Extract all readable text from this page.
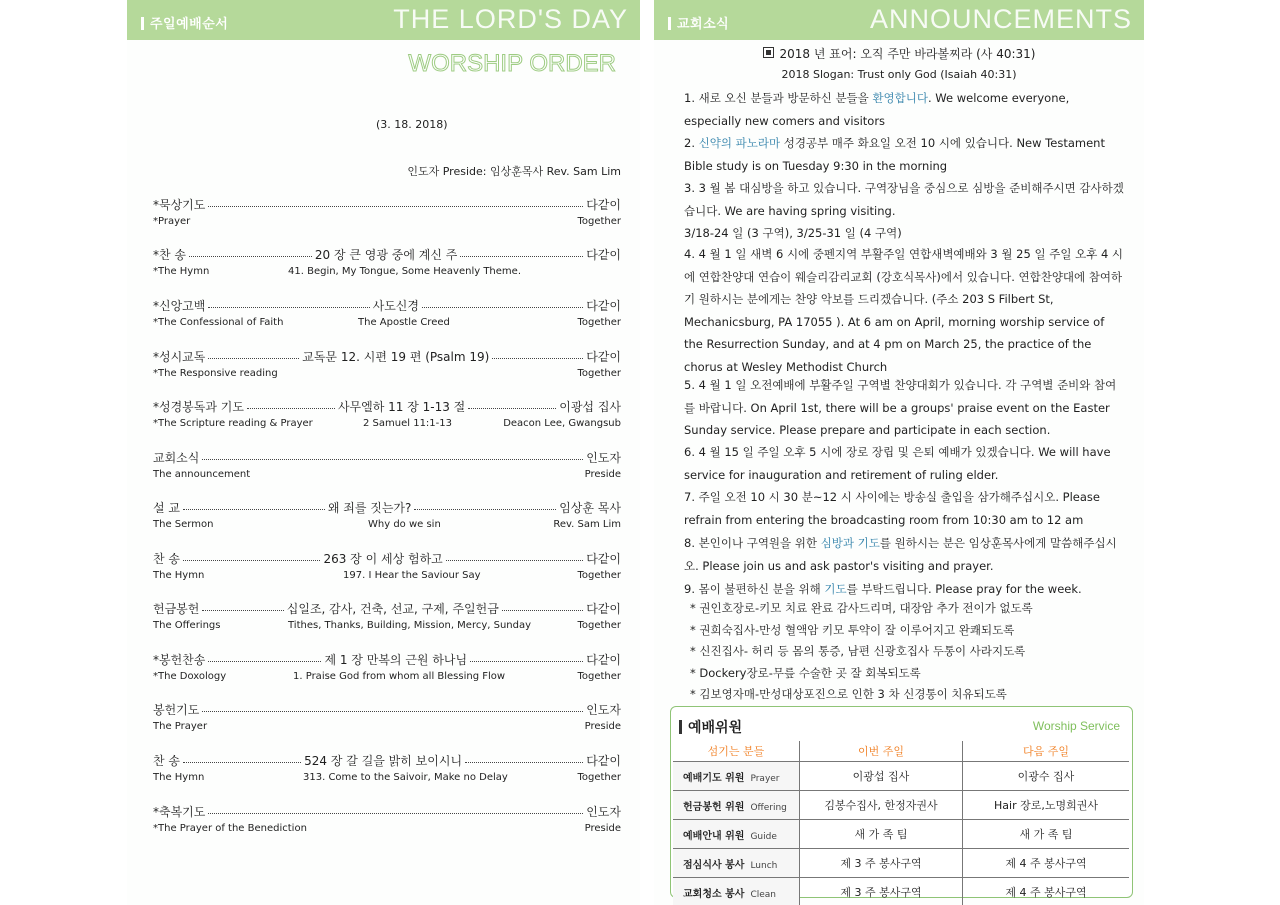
주일예배순서	THE LORD'S DAY
WORSHIP ORDER
(3. 18. 2018)
인도자 Preside: 임상훈목사 Rev. Sam Lim
*묵상기도	다같이
*Prayer	Together
*찬 송	20 장 큰 영광 중에 계신 주	다같이
*The Hymn	41. Begin, My Tongue, Some Heavenly Theme.
*신앙고백	사도신경	다같이
*The Confessional of Faith	The Apostle Creed	Together
*성시교독	교독문 12. 시편 19 편 (Psalm 19)	다같이
*The Responsive reading	Together
*성경봉독과 기도	사무엘하 11 장 1-13 절	이광섭 집사
*The Scripture reading & Prayer	2 Samuel 11:1-13	Deacon Lee, Gwangsub
교회소식	인도자
The announcement	Preside
설 교	왜 죄를 짓는가?	임상훈 목사
The Sermon	Why do we sin	Rev. Sam Lim
찬 송	263 장 이 세상 험하고	다같이
The Hymn	197. I Hear the Saviour Say	Together
헌금봉헌	십일조, 감사, 건축, 선교, 구제, 주일헌금	다같이
The Offerings	Tithes, Thanks, Building, Mission, Mercy, Sunday	Together
*봉헌찬송	제 1 장 만복의 근원 하나님	다같이
*The Doxology	1. Praise God from whom all Blessing Flow	Together
봉헌기도	인도자
The Prayer	Preside
찬 송	524 장 갈 길을 밝히 보이시니	다같이
The Hymn	313. Come to the Saivoir, Make no Delay	Together
*축복기도	인도자
*The Prayer of the Benediction	Preside
교회소식	ANNOUNCEMENTS
2018 년 표어: 오직 주만 바라볼찌라 (사 40:31)
2018 Slogan: Trust only God (Isaiah 40:31)
1. 새로 오신 분들과 방문하신 분들을 환영합니다. We welcome everyone, especially new comers and visitors
2. 신약의 파노라마 성경공부 매주 화요일 오전 10 시에 있습니다. New Testament Bible study is on Tuesday 9:30 in the morning
3. 3 월 봄 대심방을 하고 있습니다. 구역장님을 중심으로 심방을 준비해주시면 감사하겠습니다. We are having spring visiting.
3/18-24 일 (3 구역), 3/25-31 일 (4 구역)
4. 4 월 1 일 새벽 6 시에 중펜지역 부활주일 연합새벽예배와 3 월 25 일 주일 오후 4 시에 연합찬양대 연습이 웨슬리감리교회 (강호식목사)에서 있습니다. 연합찬양대에 참여하기 원하시는 분에게는 찬양 악보를 드리겠습니다. (주소 203 S Filbert St, Mechanicsburg, PA 17055 ). At 6 am on April, morning worship service of the Resurrection Sunday, and at 4 pm on March 25, the practice of the chorus at Wesley Methodist Church
5. 4 월 1 일 오전예배에 부활주일 구역별 찬양대회가 있습니다. 각 구역별 준비와 참여를 바랍니다. On April 1st, there will be a groups' praise event on the Easter Sunday service. Please prepare and participate in each section.
6. 4 월 15 일 주일 오후 5 시에 장로 장립 및 은퇴 예배가 있겠습니다. We will have service for inauguration and retirement of ruling elder.
7. 주일 오전 10 시 30 분~12 시 사이에는 방송실 출입을 삼가해주십시오. Please refrain from entering the broadcasting room from 10:30 am to 12 am
8. 본인이나 구역원을 위한 심방과 기도를 원하시는 분은 임상훈목사에게 말씀해주십시오. Please join us and ask pastor's visiting and prayer.
9. 몸이 불편하신 분을 위해 기도를 부탁드립니다. Please pray for the week.
* 권인호장로-키모 치료 완료 감사드리며, 대장암 추가 전이가 없도록
* 권희숙집사-만성 혈액암 키모 투약이 잘 이루어지고 완쾌되도록
* 신진집사- 허리 등 몸의 통증, 남편 신광호집사 두통이 사라지도록
* Dockery장로-무릎 수술한 곳 잘 회복되도록
* 김보영자매-만성대상포진으로 인한 3 차 신경통이 치유되도록
예배위원	Worship Service
섬기는 분들	이번 주일	다음 주일
예배기도 위원 Prayer	이광섭 집사	이광수 집사
헌금봉헌 위원 Offering	김봉수집사, 한정자권사	Hair 장로,노명희권사
예배안내 위원 Guide	새 가 족 팀	새 가 족 팀
점심식사 봉사 Lunch	제 3 주 봉사구역	제 4 주 봉사구역
교회청소 봉사 Clean	제 3 주 봉사구역	제 4 주 봉사구역
